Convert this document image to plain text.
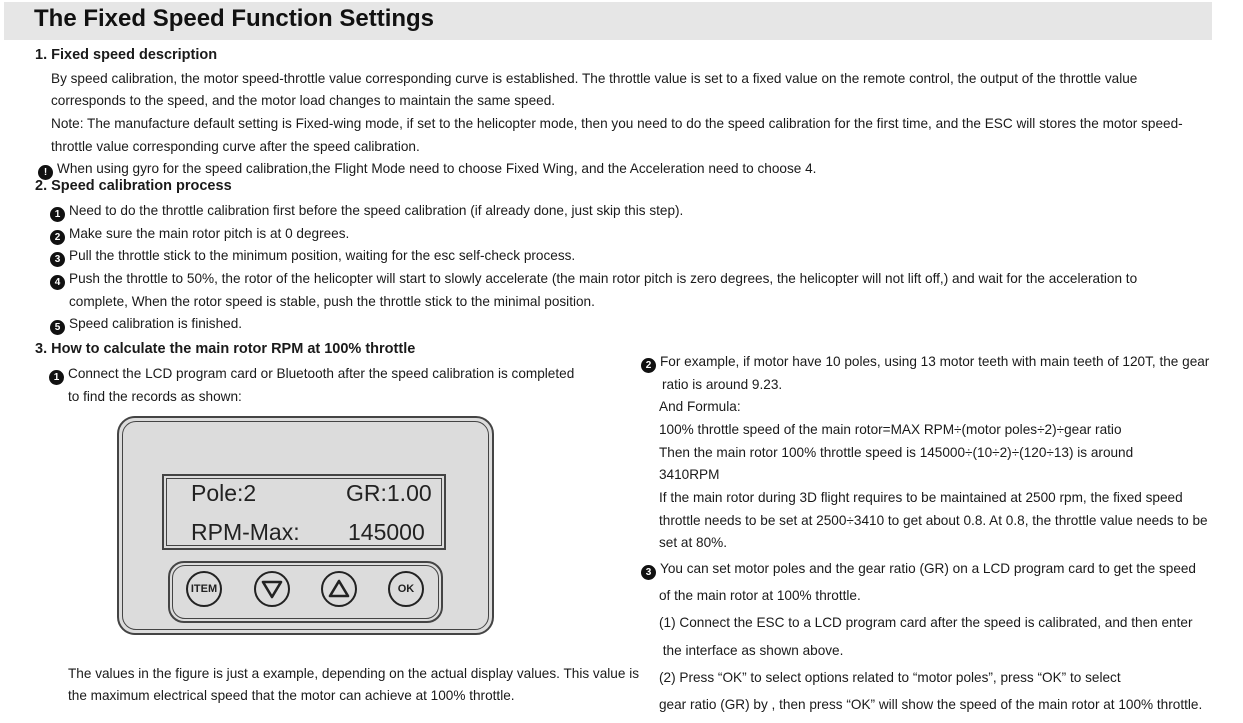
The Fixed Speed Function Settings
1. Fixed speed description
By speed calibration, the motor speed-throttle value corresponding curve is established. The throttle value is set to a fixed value on the remote control, the output of the throttle value
corresponds to the speed, and the motor load changes to maintain the same speed.
Note: The manufacture default setting is Fixed-wing mode, if set to the helicopter mode, then you need to do the speed calibration for the first time, and the ESC will stores the motor speed-
throttle value corresponding curve after the speed calibration.
! When using gyro for the speed calibration,the Flight Mode need to choose Fixed Wing, and the Acceleration need to choose 4.
2. Speed calibration process
1 Need to do the throttle calibration first before the speed calibration (if already done, just skip this step).
2 Make sure the main rotor pitch is at 0 degrees.
3 Pull the throttle stick to the minimum position, waiting for the esc self-check process.
4 Push the throttle to 50%, the rotor of the helicopter will start to slowly accelerate (the main rotor pitch is zero degrees, the helicopter will not lift off,) and wait for the acceleration to
complete, When the rotor speed is stable, push the throttle stick to the minimal position.
5 Speed calibration is finished.
3. How to calculate the main rotor RPM at 100% throttle
1 Connect the LCD program card or Bluetooth after the speed calibration is completed
to find the records as shown:
Pole:2	GR:1.00
RPM-Max: 145000
ITEM	OK
The values in the figure is just a example, depending on the actual display values. This value is
the maximum electrical speed that the motor can achieve at 100% throttle.
2 For example, if motor have 10 poles, using 13 motor teeth with main teeth of 120T, the gear
ratio is around 9.23.
And Formula:
100% throttle speed of the main rotor=MAX RPM÷(motor poles÷2)÷gear ratio
Then the main rotor 100% throttle speed is 145000÷(10÷2)÷(120÷13) is around
3410RPM
If the main rotor during 3D flight requires to be maintained at 2500 rpm, the fixed speed
throttle needs to be set at 2500÷3410 to get about 0.8. At 0.8, the throttle value needs to be
set at 80%.
3 You can set motor poles and the gear ratio (GR) on a LCD program card to get the speed
of the main rotor at 100% throttle.
(1) Connect the ESC to a LCD program card after the speed is calibrated, and then enter
the interface as shown above.
(2) Press “OK” to select options related to “motor poles”, press “OK” to select
gear ratio (GR) by , then press “OK” will show the speed of the main rotor at 100% throttle.
